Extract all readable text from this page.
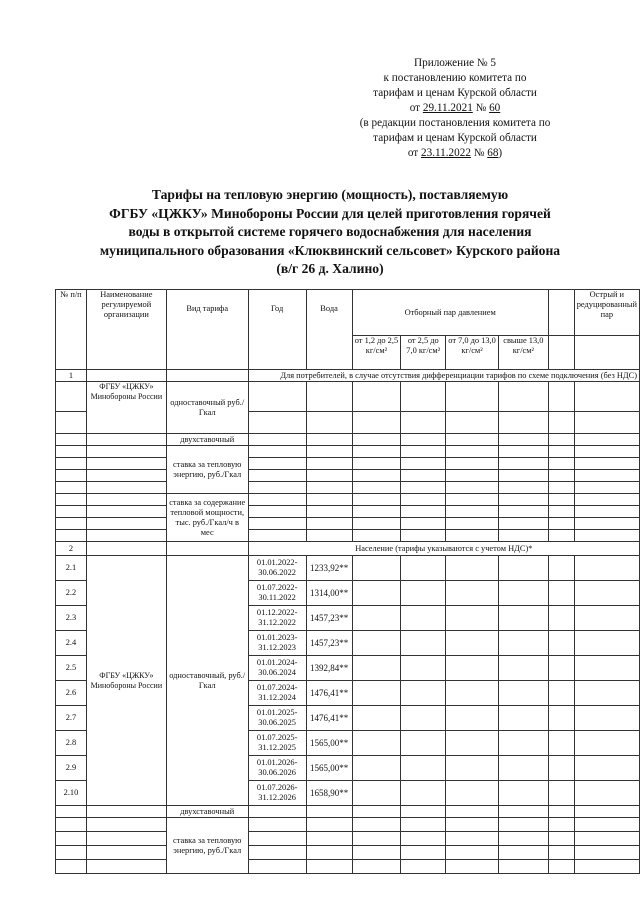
Приложение № 5
к постановлению комитета по
тарифам и ценам Курской области
от 29.11.2021 № 60
(в редакции постановления комитета по
тарифам и ценам Курской области
от 23.11.2022 № 68)
Тарифы на тепловую энергию (мощность), поставляемую
ФГБУ «ЦЖКУ» Минобороны России для целей приготовления горячей
воды в открытой системе горячего водоснабжения для населения
муниципального образования «Клюквинский сельсовет» Курского района
(в/г 26 д. Халино)
№ п/п	Наименование регулируемой организации	Вид тарифа	Год	Вода	Отборный пар давлением					Острый и редуцированный пар
					от 1,2 до 2,5 кг/см²	от 2,5 до 7,0 кг/см²	от 7,0 до 13,0 кг/см²	свыше 13,0 кг/см²		
1			Для потребителей, в случае отсутствия дифференциации тарифов по схеме подключения (без НДС)							
	ФГБУ «ЦЖКУ» Минобороны России	одноставочный руб./Гкал								

		двухставочный								
		ставка за тепловую энергию, руб./Гкал								

		ставка за содержание тепловой мощности, тыс. руб./Гкал/ч в мес								

2			Население (тарифы указываются с учетом НДС)*							
2.1	ФГБУ «ЦЖКУ» Минобороны России	одноставочный, руб./Гкал	01.01.2022-30.06.2022	1233,92**						
2.2			01.07.2022-30.11.2022	1314,00**						
2.3			01.12.2022-31.12.2022	1457,23**						
2.4			01.01.2023-31.12.2023	1457,23**						
2.5			01.01.2024-30.06.2024	1392,84**						
2.6			01.07.2024-31.12.2024	1476,41**						
2.7			01.01.2025-30.06.2025	1476,41**						
2.8			01.07.2025-31.12.2025	1565,00**						
2.9			01.01.2026-30.06.2026	1565,00**						
2.10			01.07.2026-31.12.2026	1658,90**						
		двухставочный								
		ставка за тепловую энергию, руб./Гкал								
